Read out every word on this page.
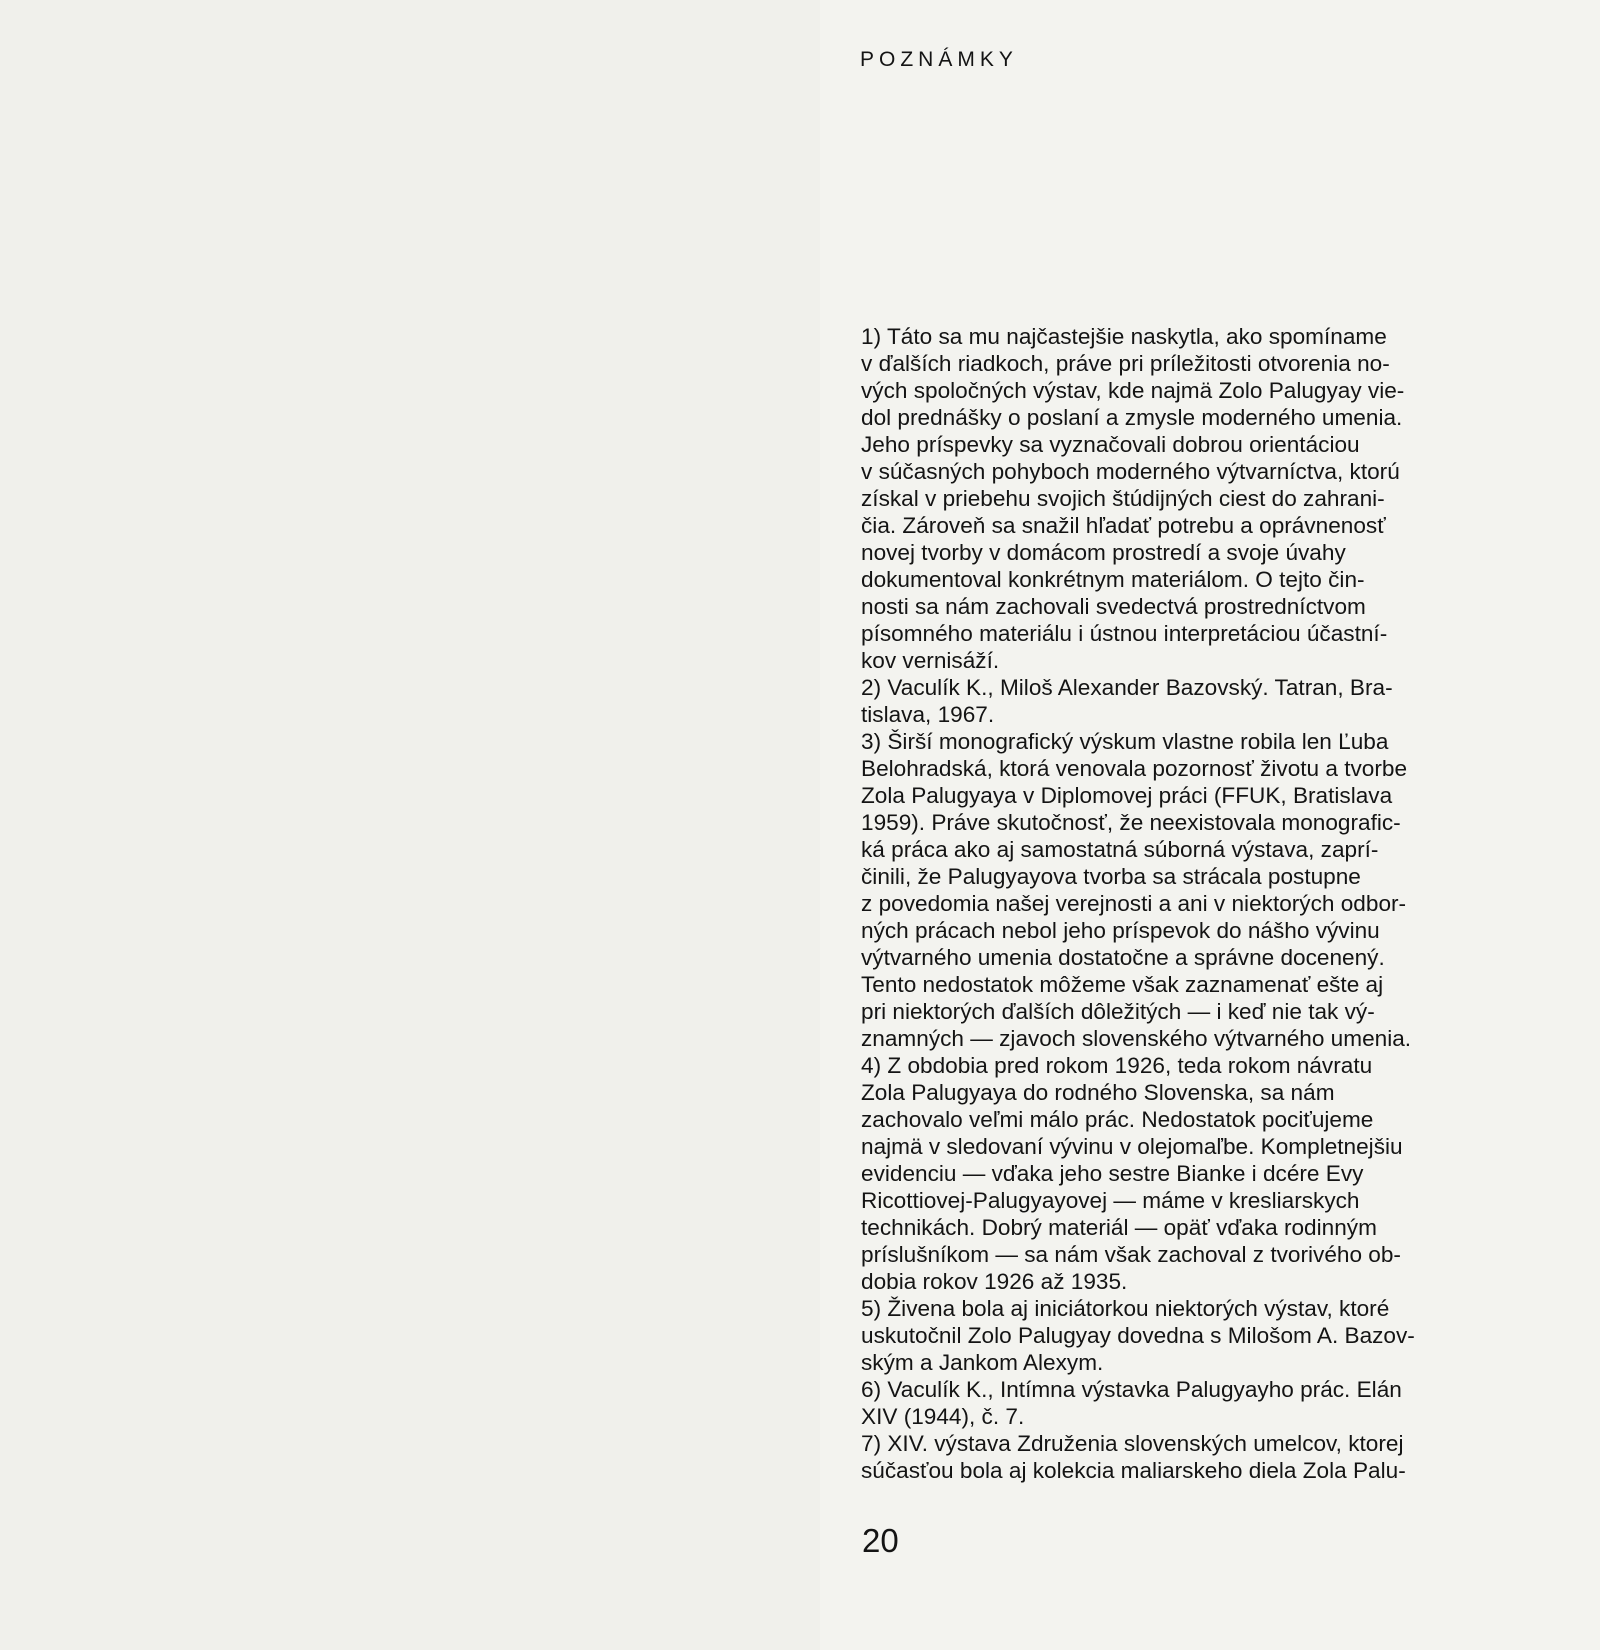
POZNÁMKY
1) Táto sa mu najčastejšie naskytla, ako spomíname
v ďalších riadkoch, práve pri príležitosti otvorenia no-
vých spoločných výstav, kde najmä Zolo Palugyay vie-
dol prednášky o poslaní a zmysle moderného umenia.
Jeho príspevky sa vyznačovali dobrou orientáciou
v súčasných pohyboch moderného výtvarníctva, ktorú
získal v priebehu svojich štúdijných ciest do zahrani-
čia. Zároveň sa snažil hľadať potrebu a oprávnenosť
novej tvorby v domácom prostredí a svoje úvahy
dokumentoval konkrétnym materiálom. O tejto čin-
nosti sa nám zachovali svedectvá prostredníctvom
písomného materiálu i ústnou interpretáciou účastní-
kov vernisáží.
2) Vaculík K., Miloš Alexander Bazovský. Tatran, Bra-
tislava, 1967.
3) Širší monografický výskum vlastne robila len Ľuba
Belohradská, ktorá venovala pozornosť životu a tvorbe
Zola Palugyaya v Diplomovej práci (FFUK, Bratislava
1959). Práve skutočnosť, že neexistovala monografic-
ká práca ako aj samostatná súborná výstava, zaprí-
činili, že Palugyayova tvorba sa strácala postupne
z povedomia našej verejnosti a ani v niektorých odbor-
ných prácach nebol jeho príspevok do nášho vývinu
výtvarného umenia dostatočne a správne docenený.
Tento nedostatok môžeme však zaznamenať ešte aj
pri niektorých ďalších dôležitých — i keď nie tak vý-
znamných — zjavoch slovenského výtvarného umenia.
4) Z obdobia pred rokom 1926, teda rokom návratu
Zola Palugyaya do rodného Slovenska, sa nám
zachovalo veľmi málo prác. Nedostatok pociťujeme
najmä v sledovaní vývinu v olejomaľbe. Kompletnejšiu
evidenciu — vďaka jeho sestre Bianke i dcére Evy
Ricottiovej-Palugyayovej — máme v kresliarskych
technikách. Dobrý materiál — opäť vďaka rodinným
príslušníkom — sa nám však zachoval z tvorivého ob-
dobia rokov 1926 až 1935.
5) Živena bola aj iniciátorkou niektorých výstav, ktoré
uskutočnil Zolo Palugyay dovedna s Milošom A. Bazov-
ským a Jankom Alexym.
6) Vaculík K., Intímna výstavka Palugyayho prác. Elán
XIV (1944), č. 7.
7) XIV. výstava Združenia slovenských umelcov, ktorej
súčasťou bola aj kolekcia maliarskeho diela Zola Palu-
20
